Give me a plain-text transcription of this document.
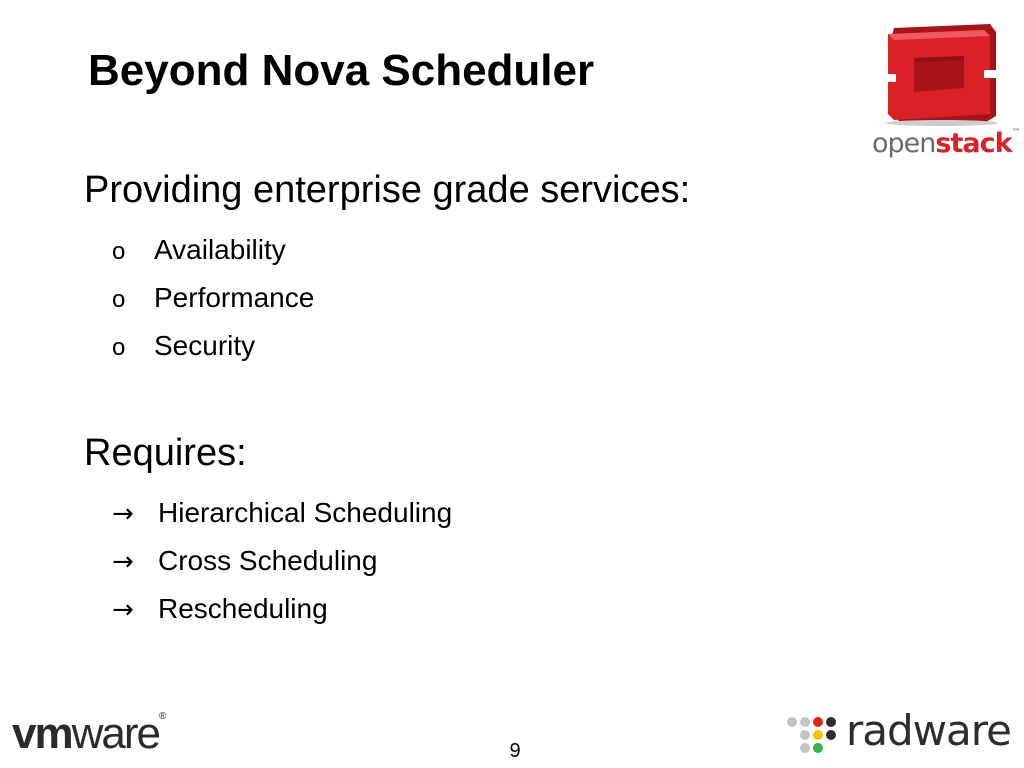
Beyond Nova Scheduler
openstack™
Providing enterprise grade services:
o	Availability
o	Performance
o	Security
Requires:
→ Hierarchical Scheduling
→ Cross Scheduling
→ Rescheduling
vmware®
9	radware
